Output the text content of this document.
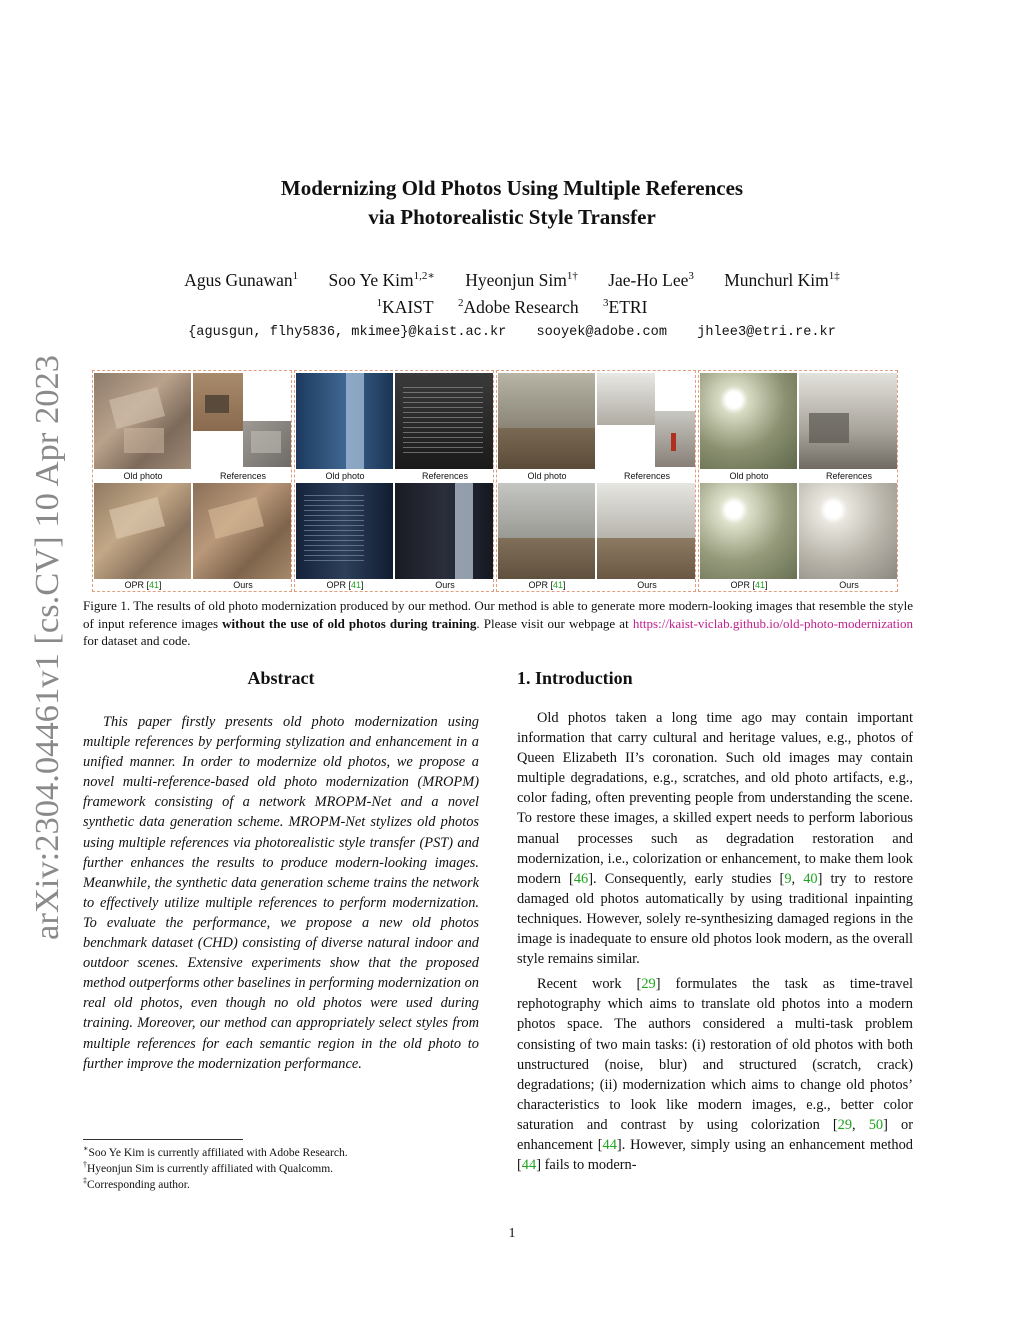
arXiv:2304.04461v1 [cs.CV] 10 Apr 2023
Modernizing Old Photos Using Multiple References
via Photorealistic Style Transfer
Agus Gunawan$^1$ Soo Ye Kim$^{1,2∗}$ Hyeonjun Sim$^{1\dagger}$ Jae-Ho Lee$^3$ Munchurl Kim$^{1\ddagger}$
$^1$KAIST $^2$Adobe Research $^3$ETRI
{agusgun, flhy5836, mkimee}@kaist.ac.kr sooyek@adobe.com jhlee3@etri.re.kr
Old photo	References
OPR [41]	Ours
Old photo	References
OPR [41]	Ours
Old photo	References
OPR [41]	Ours
Old photo	References
OPR [41]	Ours
Figure 1. The results of old photo modernization produced by our method. Our method is able to generate more modern-looking images that resemble the style of input reference images without the use of old photos during training. Please visit our webpage at https://kaist-viclab.github.io/old-photo-modernization for dataset and code.
Abstract
This paper firstly presents old photo modernization using multiple references by performing stylization and enhancement in a unified manner. In order to modernize old photos, we propose a novel multi-reference-based old photo modernization (MROPM) framework consisting of a network MROPM-Net and a novel synthetic data generation scheme. MROPM-Net stylizes old photos using multiple references via photorealistic style transfer (PST) and further enhances the results to produce modern-looking images. Meanwhile, the synthetic data generation scheme trains the network to effectively utilize multiple references to perform modernization. To evaluate the performance, we propose a new old photos benchmark dataset (CHD) consisting of diverse natural indoor and outdoor scenes. Extensive experiments show that the proposed method outperforms other baselines in performing modernization on real old photos, even though no old photos were used during training. Moreover, our method can appropriately select styles from multiple references for each semantic region in the old photo to further improve the modernization performance.
1. Introduction

Old photos taken a long time ago may contain important information that carry cultural and heritage values, e.g., photos of Queen Elizabeth II’s coronation. Such old images may contain multiple degradations, e.g., scratches, and old photo artifacts, e.g., color fading, often preventing people from understanding the scene. To restore these images, a skilled expert needs to perform laborious manual processes such as degradation restoration and modernization, i.e., colorization or enhancement, to make them look modern [46]. Consequently, early studies [9, 40] try to restore damaged old photos automatically by using traditional inpainting techniques. However, solely re-synthesizing damaged regions in the image is inadequate to ensure old photos look modern, as the overall style remains similar.

Recent work [29] formulates the task as time-travel rephotography which aims to translate old photos into a modern photos space. The authors considered a multi-task problem consisting of two main tasks: (i) restoration of old photos with both unstructured (noise, blur) and structured (scratch, crack) degradations; (ii) modernization which aims to change old photos’ characteristics to look like modern images, e.g., better color saturation and contrast by using colorization [29, 50] or enhancement [44]. However, simply using an enhancement method [44] fails to modern-

∗Soo Ye Kim is currently affiliated with Adobe Research.
†Hyeonjun Sim is currently affiliated with Qualcomm.
‡Corresponding author.
1
